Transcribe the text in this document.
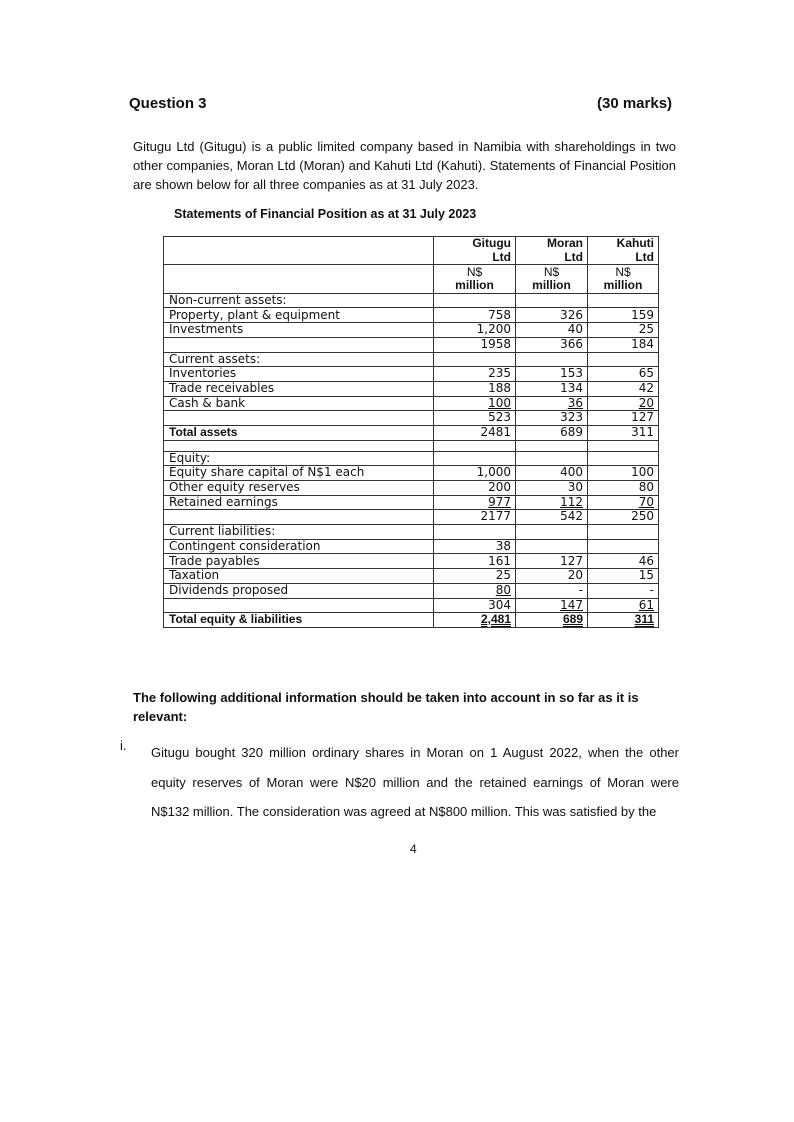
Question 3	(30 marks)
Gitugu Ltd (Gitugu) is a public limited company based in Namibia with shareholdings in two other companies, Moran Ltd (Moran) and Kahuti Ltd (Kahuti). Statements of Financial Position are shown below for all three companies as at 31 July 2023.
Statements of Financial Position as at 31 July 2023
	Gitugu	Moran	Kahuti
	Ltd	Ltd	Ltd
	N$	N$	N$
	million	million	million
Non-current assets:			
Property, plant & equipment	758	326	159
Investments	1,200	40	25
	1958	366	184
Current assets:			
Inventories	235	153	65
Trade receivables	188	134	42
Cash & bank	100	36	20
	523	323	127
Total assets	2481	689	311

Equity:			
Equity share capital of N$1 each	1,000	400	100
Other equity reserves	200	30	80
Retained earnings	977	112	70
	2177	542	250
Current liabilities:			
Contingent consideration	38		
Trade payables	161	127	46
Taxation	25	20	15
Dividends proposed	80	-	-
	304	147	61
Total equity & liabilities	2,481	689	311
The following additional information should be taken into account in so far as it is relevant:
i. Gitugu bought 320 million ordinary shares in Moran on 1 August 2022, when the other equity reserves of Moran were N$20 million and the retained earnings of Moran were N$132 million. The consideration was agreed at N$800 million. This was satisfied by the
4
